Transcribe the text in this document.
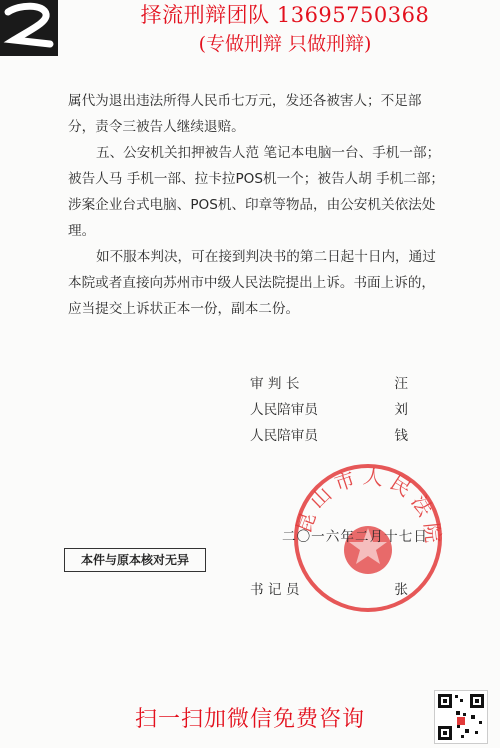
择流刑辩团队 13695750368
(专做刑辩 只做刑辩)

属代为退出违法所得人民币七万元，发还各被害人；不足部分，责令三被告人继续退赔。

五、公安机关扣押被告人范 笔记本电脑一台、手机一部；被告人马 手机一部、拉卡拉POS机一个；被告人胡 手机二部；涉案企业台式电脑、POS机、印章等物品，由公安机关依法处理。

如不服本判决，可在接到判决书的第二日起十日内，通过本院或者直接向苏州市中级人民法院提出上诉。书面上诉的，应当提交上诉状正本一份，副本二份。

审 判 长	汪
人民陪审员	刘
人民陪审员	钱
昆山市人民法院
二〇一六年二月十七日
本件与原本核对无异
书 记 员	张
扫一扫加微信免费咨询
